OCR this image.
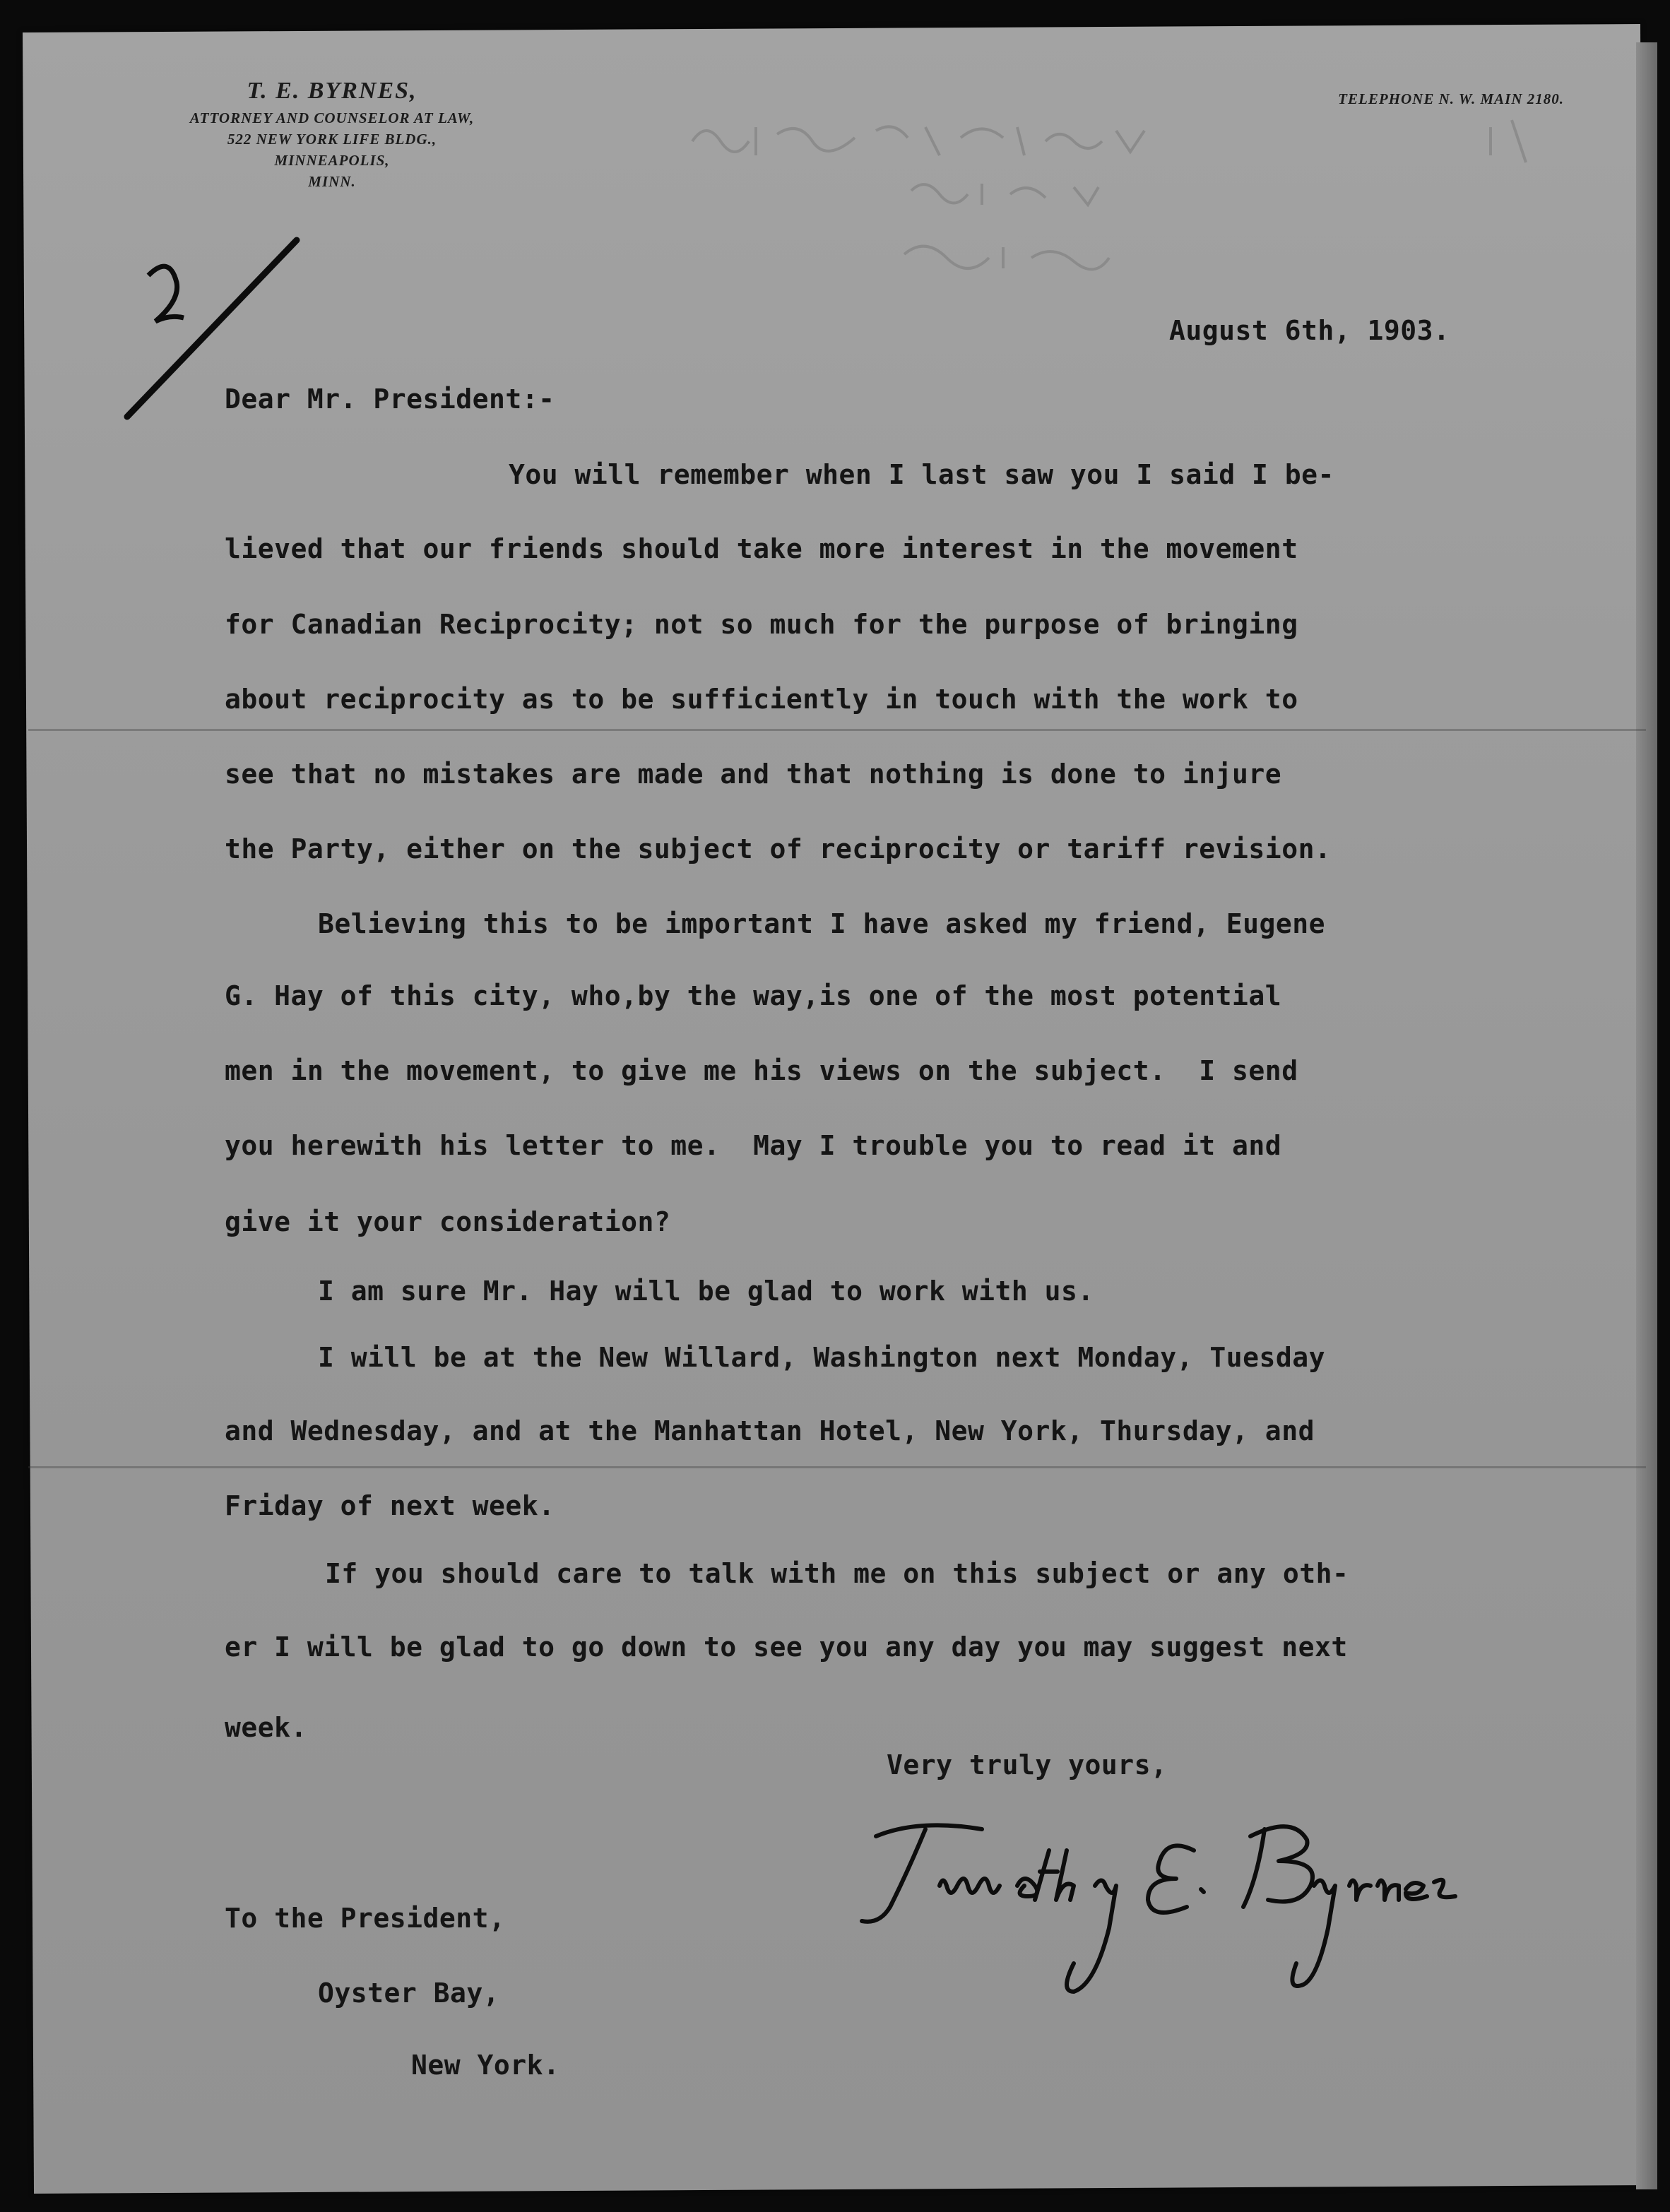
T. E. BYRNES,
ATTORNEY AND COUNSELOR AT LAW,
522 NEW YORK LIFE BLDG.,
MINNEAPOLIS,
MINN.
TELEPHONE N. W. MAIN 2180.
2
August 6th, 1903.
Dear Mr. President:-
You will remember when I last saw you I said I be-
lieved that our friends should take more interest in the movement
for Canadian Reciprocity; not so much for the purpose of bringing
about reciprocity as to be sufficiently in touch with the work to
see that no mistakes are made and that nothing is done to injure
the Party, either on the subject of reciprocity or tariff revision.
Believing this to be important I have asked my friend, Eugene
G. Hay of this city, who,by the way,is one of the most potential
men in the movement, to give me his views on the subject.  I send
you herewith his letter to me.  May I trouble you to read it and
give it your consideration?
I am sure Mr. Hay will be glad to work with us.
I will be at the New Willard, Washington next Monday, Tuesday
and Wednesday, and at the Manhattan Hotel, New York, Thursday, and
Friday of next week.
If you should care to talk with me on this subject or any oth-
er I will be glad to go down to see you any day you may suggest next
week.
Very truly yours,
Timothy E. Byrnes
To the President,
Oyster Bay,
New York.
